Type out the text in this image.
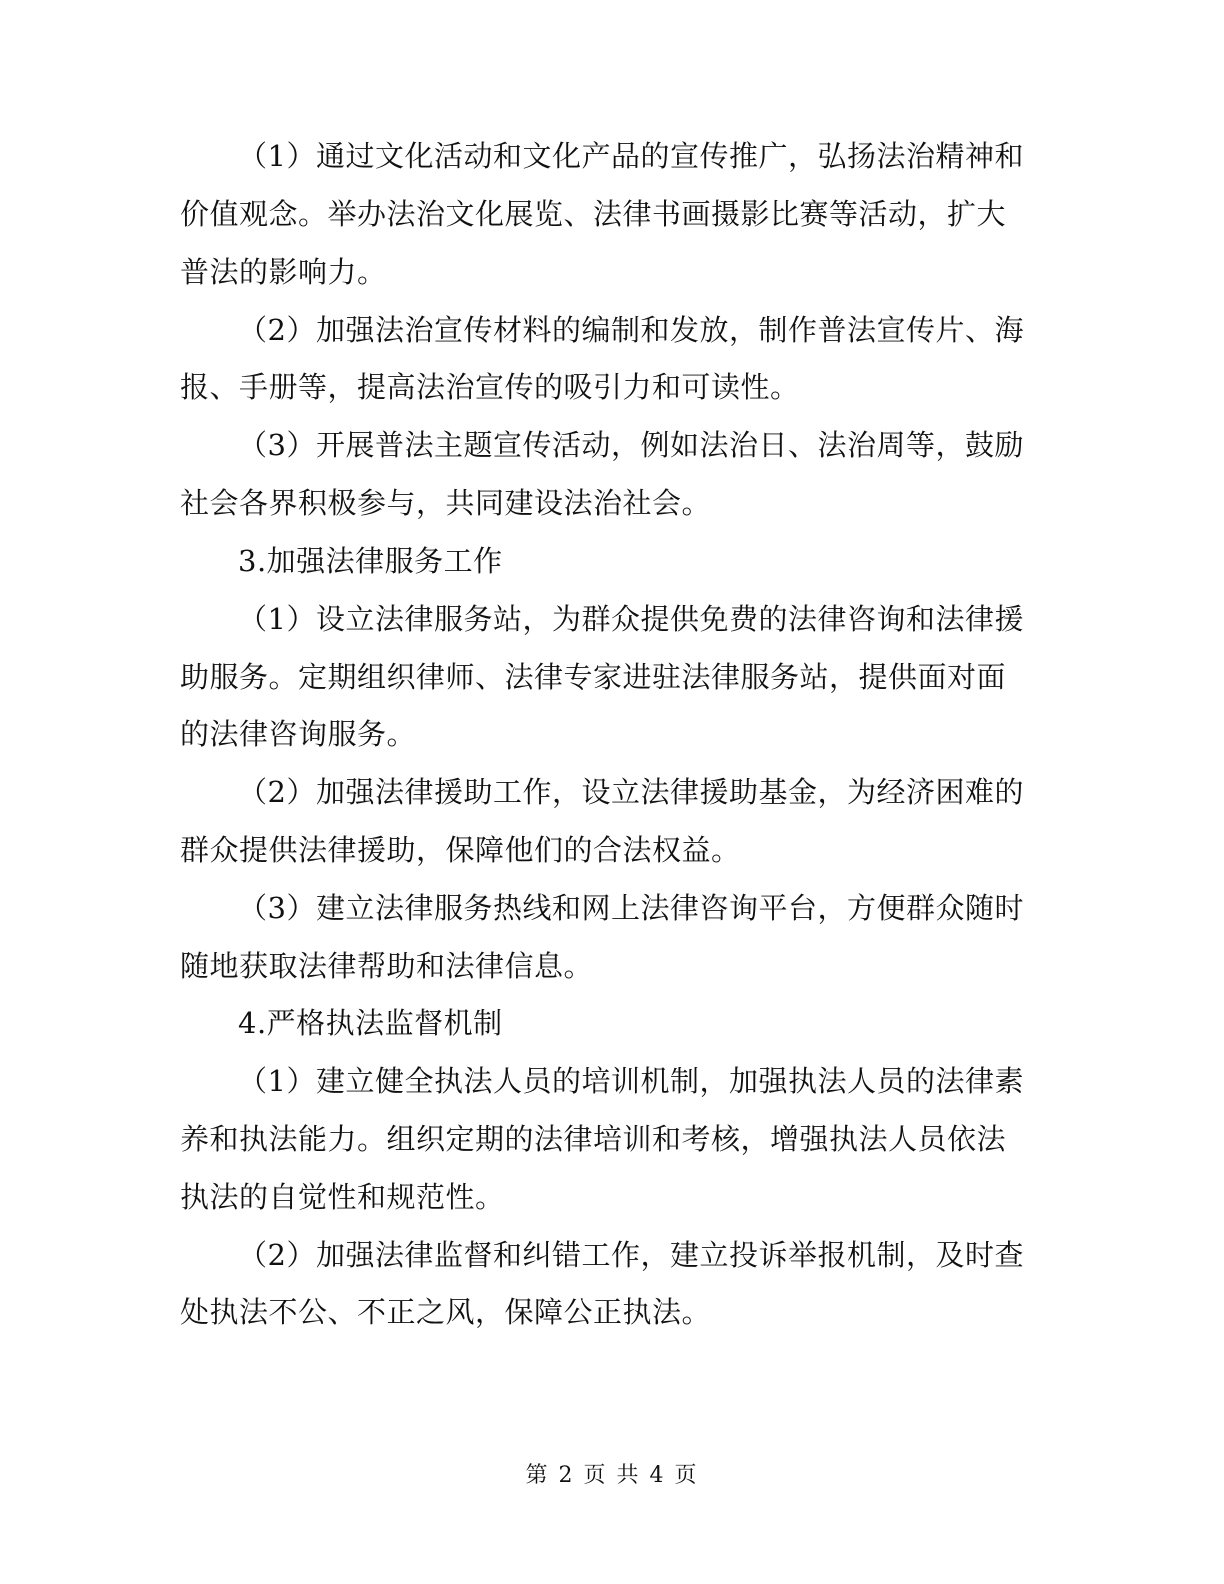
（1）通过文化活动和文化产品的宣传推广，弘扬法治精神和
价值观念。举办法治文化展览、法律书画摄影比赛等活动，扩大
普法的影响力。
（2）加强法治宣传材料的编制和发放，制作普法宣传片、海
报、手册等，提高法治宣传的吸引力和可读性。
（3）开展普法主题宣传活动，例如法治日、法治周等，鼓励
社会各界积极参与，共同建设法治社会。
3.加强法律服务工作
（1）设立法律服务站，为群众提供免费的法律咨询和法律援
助服务。定期组织律师、法律专家进驻法律服务站，提供面对面
的法律咨询服务。
（2）加强法律援助工作，设立法律援助基金，为经济困难的
群众提供法律援助，保障他们的合法权益。
（3）建立法律服务热线和网上法律咨询平台，方便群众随时
随地获取法律帮助和法律信息。
4.严格执法监督机制
（1）建立健全执法人员的培训机制，加强执法人员的法律素
养和执法能力。组织定期的法律培训和考核，增强执法人员依法
执法的自觉性和规范性。
（2）加强法律监督和纠错工作，建立投诉举报机制，及时查
处执法不公、不正之风，保障公正执法。
第 2 页 共 4 页
